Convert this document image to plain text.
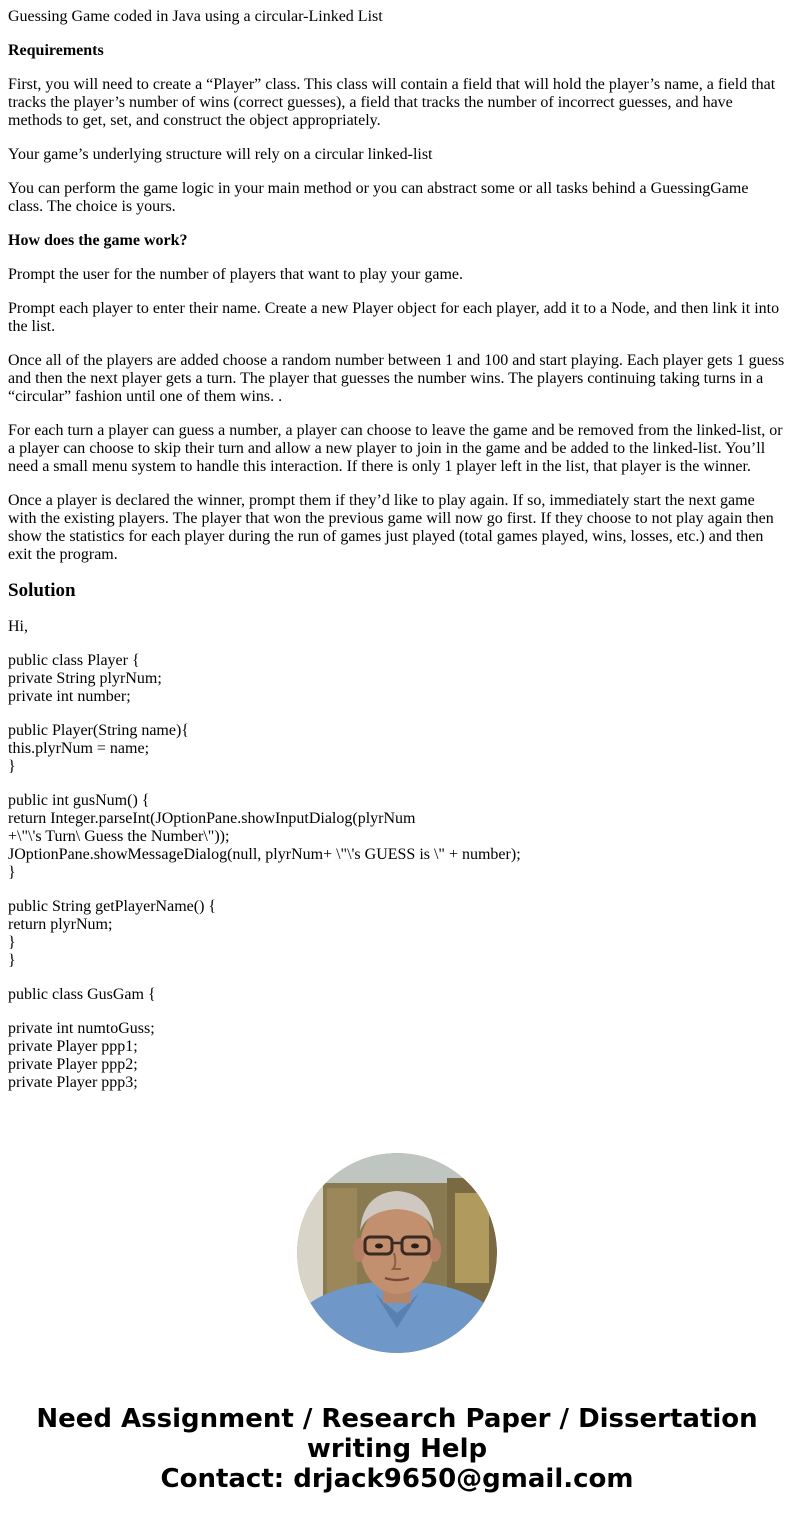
Guessing Game coded in Java using a circular-Linked List

Requirements

First, you will need to create a “Player” class. This class will contain a field that will hold the player’s name, a field that tracks the player’s number of wins (correct guesses), a field that tracks the number of incorrect guesses, and have methods to get, set, and construct the object appropriately.

Your game’s underlying structure will rely on a circular linked-list

You can perform the game logic in your main method or you can abstract some or all tasks behind a GuessingGame class. The choice is yours.

How does the game work?

Prompt the user for the number of players that want to play your game.

Prompt each player to enter their name. Create a new Player object for each player, add it to a Node, and then link it into the list.

Once all of the players are added choose a random number between 1 and 100 and start playing. Each player gets 1 guess and then the next player gets a turn. The player that guesses the number wins. The players continuing taking turns in a “circular” fashion until one of them wins. .

For each turn a player can guess a number, a player can choose to leave the game and be removed from the linked-list, or a player can choose to skip their turn and allow a new player to join in the game and be added to the linked-list. You’ll need a small menu system to handle this interaction. If there is only 1 player left in the list, that player is the winner.

Once a player is declared the winner, prompt them if they’d like to play again. If so, immediately start the next game with the existing players. The player that won the previous game will now go first. If they choose to not play again then show the statistics for each player during the run of games just played (total games played, wins, losses, etc.) and then exit the program.

Solution

Hi,

public class Player {

private String plyrNum;

private int number;

public Player(String name){

this.plyrNum = name;

}

public int gusNum() {

return Integer.parseInt(JOptionPane.showInputDialog(plyrNum

+\"\'s Turn\ Guess the Number\"));

JOptionPane.showMessageDialog(null, plyrNum+ \"\'s GUESS is \" + number);

}

public String getPlayerName() {

return plyrNum;

}

}

public class GusGam {

private int numtoGuss;

private Player ppp1;

private Player ppp2;

private Player ppp3;

Need Assignment / Research Paper / Dissertation
writing Help
Contact: drjack9650@gmail.com
